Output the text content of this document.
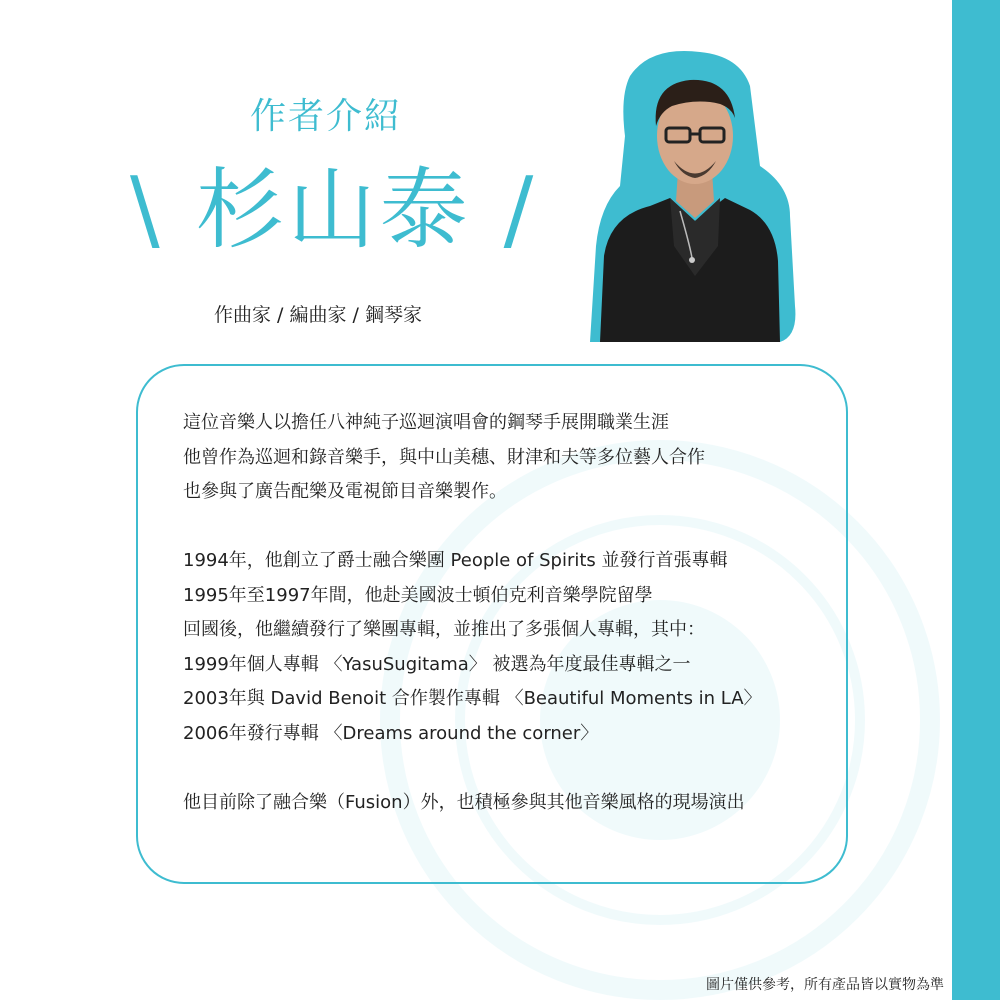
作者介紹
\ 杉山泰 /
作曲家 / 編曲家 / 鋼琴家
這位音樂人以擔任八神純子巡迴演唱會的鋼琴手展開職業生涯
他曾作為巡迴和錄音樂手，與中山美穗、財津和夫等多位藝人合作
也參與了廣告配樂及電視節目音樂製作。
1994年，他創立了爵士融合樂團 People of Spirits 並發行首張專輯
1995年至1997年間，他赴美國波士頓伯克利音樂學院留學
回國後，他繼續發行了樂團專輯，並推出了多張個人專輯，其中：
1999年個人專輯 〈YasuSugitama〉 被選為年度最佳專輯之一
2003年與 David Benoit 合作製作專輯 〈Beautiful Moments in LA〉
2006年發行專輯 〈Dreams around the corner〉
他目前除了融合樂（Fusion）外，也積極參與其他音樂風格的現場演出
圖片僅供參考，所有產品皆以實物為準
